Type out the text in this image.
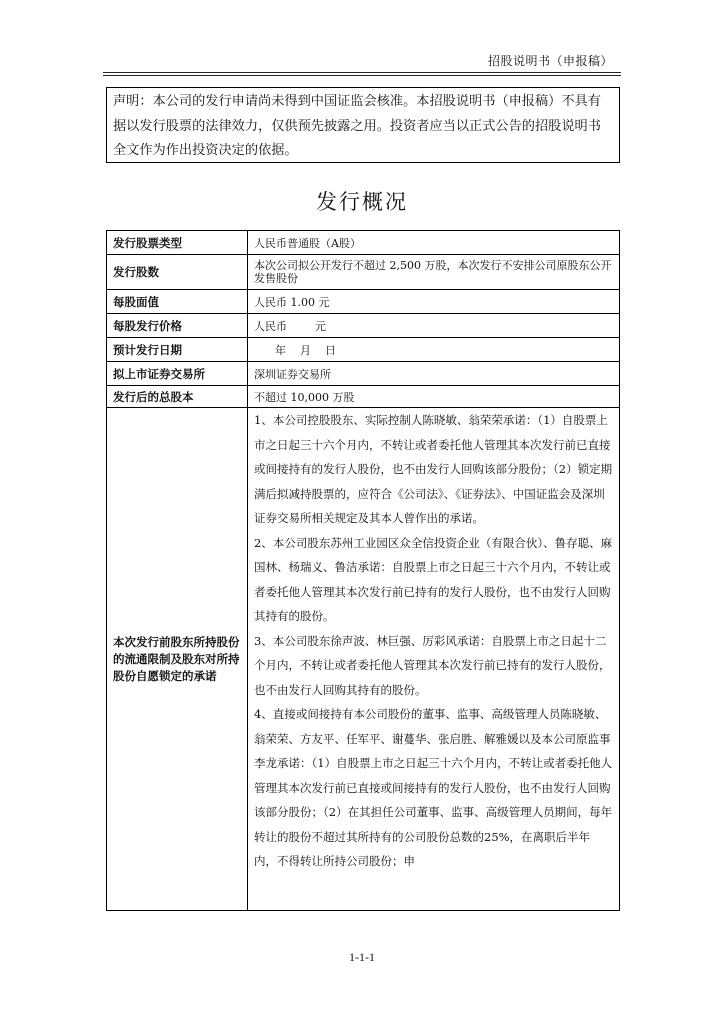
招股说明书（申报稿）
声明：本公司的发行申请尚未得到中国证监会核准。本招股说明书（申报稿）不具有据以发行股票的法律效力，仅供预先披露之用。投资者应当以正式公告的招股说明书全文作为作出投资决定的依据。
发行概况
发行股票类型	人民币普通股（A股）
发行股数	本次公司拟公开发行不超过 2,500 万股，本次发行不安排公司原股东公开发售股份
每股面值	人民币 1.00 元
每股发行价格	人民币        元
预计发行日期	年    月    日
拟上市证券交易所	深圳证券交易所
发行后的总股本	不超过 10,000 万股
本次发行前股东所持股份的流通限制及股东对所持股份自愿锁定的承诺	1、本公司控股股东、实际控制人陈晓敏、翁荣荣承诺：（1）自股票上市之日起三十六个月内，不转让或者委托他人管理其本次发行前已直接或间接持有的发行人股份，也不由发行人回购该部分股份；（2）锁定期满后拟减持股票的，应符合《公司法》、《证券法》、中国证监会及深圳证券交易所相关规定及其本人曾作出的承诺。

2、本公司股东苏州工业园区众全信投资企业（有限合伙）、鲁存聪、麻国林、杨瑞义、鲁洁承诺：自股票上市之日起三十六个月内，不转让或者委托他人管理其本次发行前已持有的发行人股份，也不由发行人回购其持有的股份。

3、本公司股东徐声波、林巨强、厉彩风承诺：自股票上市之日起十二个月内，不转让或者委托他人管理其本次发行前已持有的发行人股份，也不由发行人回购其持有的股份。

4、直接或间接持有本公司股份的董事、监事、高级管理人员陈晓敏、翁荣荣、方友平、任军平、谢蔓华、张启胜、解雅媛以及本公司原监事李龙承诺：（1）自股票上市之日起三十六个月内，不转让或者委托他人管理其本次发行前已直接或间接持有的发行人股份，也不由发行人回购该部分股份；（2）在其担任公司董事、监事、高级管理人员期间，每年转让的股份不超过其所持有的公司股份总数的25%，在离职后半年内，不得转让所持公司股份；申

1-1-1
